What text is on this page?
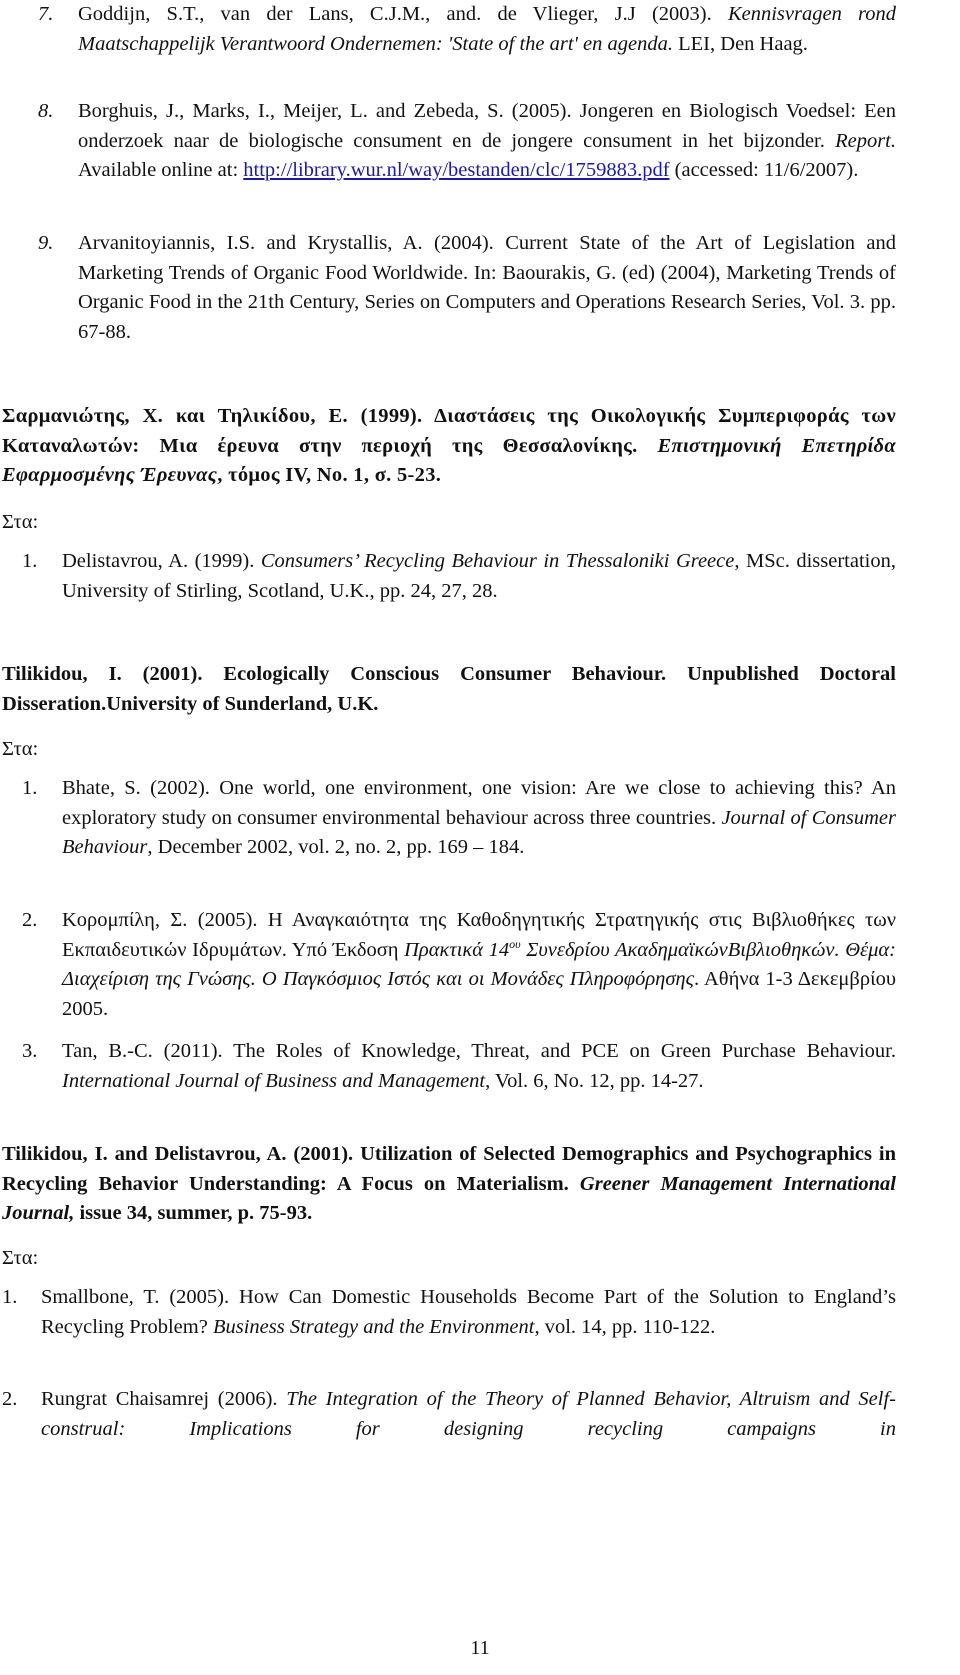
7. Goddijn, S.T., van der Lans, C.J.M., and. de Vlieger, J.J (2003). Kennisvragen rond Maatschappelijk Verantwoord Ondernemen: 'State of the art' en agenda. LEI, Den Haag.
8. Borghuis, J., Marks, I., Meijer, L. and Zebeda, S. (2005). Jongeren en Biologisch Voedsel: Een onderzoek naar de biologische consument en de jongere consument in het bijzonder. Report. Available online at: http://library.wur.nl/way/bestanden/clc/1759883.pdf (accessed: 11/6/2007).
9. Arvanitoyiannis, I.S. and Krystallis, A. (2004). Current State of the Art of Legislation and Marketing Trends of Organic Food Worldwide. In: Baourakis, G. (ed) (2004), Marketing Trends of Organic Food in the 21th Century, Series on Computers and Operations Research Series, Vol. 3. pp. 67-88.
Σαρμανιώτης, Χ. και Τηλικίδου, Ε. (1999). Διαστάσεις της Οικολογικής Συμπεριφοράς των Καταναλωτών: Μια έρευνα στην περιοχή της Θεσσαλονίκης. Επιστημονική Επετηρίδα Εφαρμοσμένης Έρευνας, τόμος IV, No. 1, σ. 5-23.
Στα:
1. Delistavrou, A. (1999). Consumers’ Recycling Behaviour in Thessaloniki Greece, MSc. dissertation, University of Stirling, Scotland, U.K., pp. 24, 27, 28.
Tilikidou, I. (2001). Ecologically Conscious Consumer Behaviour. Unpublished Doctoral Disseration.University of Sunderland, U.K.
Στα:
1. Bhate, S. (2002). One world, one environment, one vision: Are we close to achieving this? An exploratory study on consumer environmental behaviour across three countries. Journal of Consumer Behaviour, December 2002, vol. 2, no. 2, pp. 169 – 184.
2. Κορομπίλη, Σ. (2005). Η Αναγκαιότητα της Καθοδηγητικής Στρατηγικής στις Βιβλιοθήκες των Εκπαιδευτικών Ιδρυμάτων. Υπό Έκδοση Πρακτικά $14^{o\upsilon}$ Συνεδρίου ΑκαδημαϊκώνΒιβλιοθηκών. Θέμα: Διαχείριση της Γνώσης. Ο Παγκόσμιος Ιστός και οι Μονάδες Πληροφόρησης. Αθήνα 1-3 Δεκεμβρίου 2005.
3. Tan, B.-C. (2011). The Roles of Knowledge, Threat, and PCE on Green Purchase Behaviour. International Journal of Business and Management, Vol. 6, No. 12, pp. 14-27.
Tilikidou, I. and Delistavrou, A. (2001). Utilization of Selected Demographics and Psychographics in Recycling Behavior Understanding: A Focus on Materialism. Greener Management International Journal, issue 34, summer, p. 75-93.
Στα:
1. Smallbone, T. (2005). How Can Domestic Households Become Part of the Solution to England’s Recycling Problem? Business Strategy and the Environment, vol. 14, pp. 110-122.
2. Rungrat Chaisamrej (2006). The Integration of the Theory of Planned Behavior, Altruism and Self-construal: Implications for designing recycling campaigns in
11
